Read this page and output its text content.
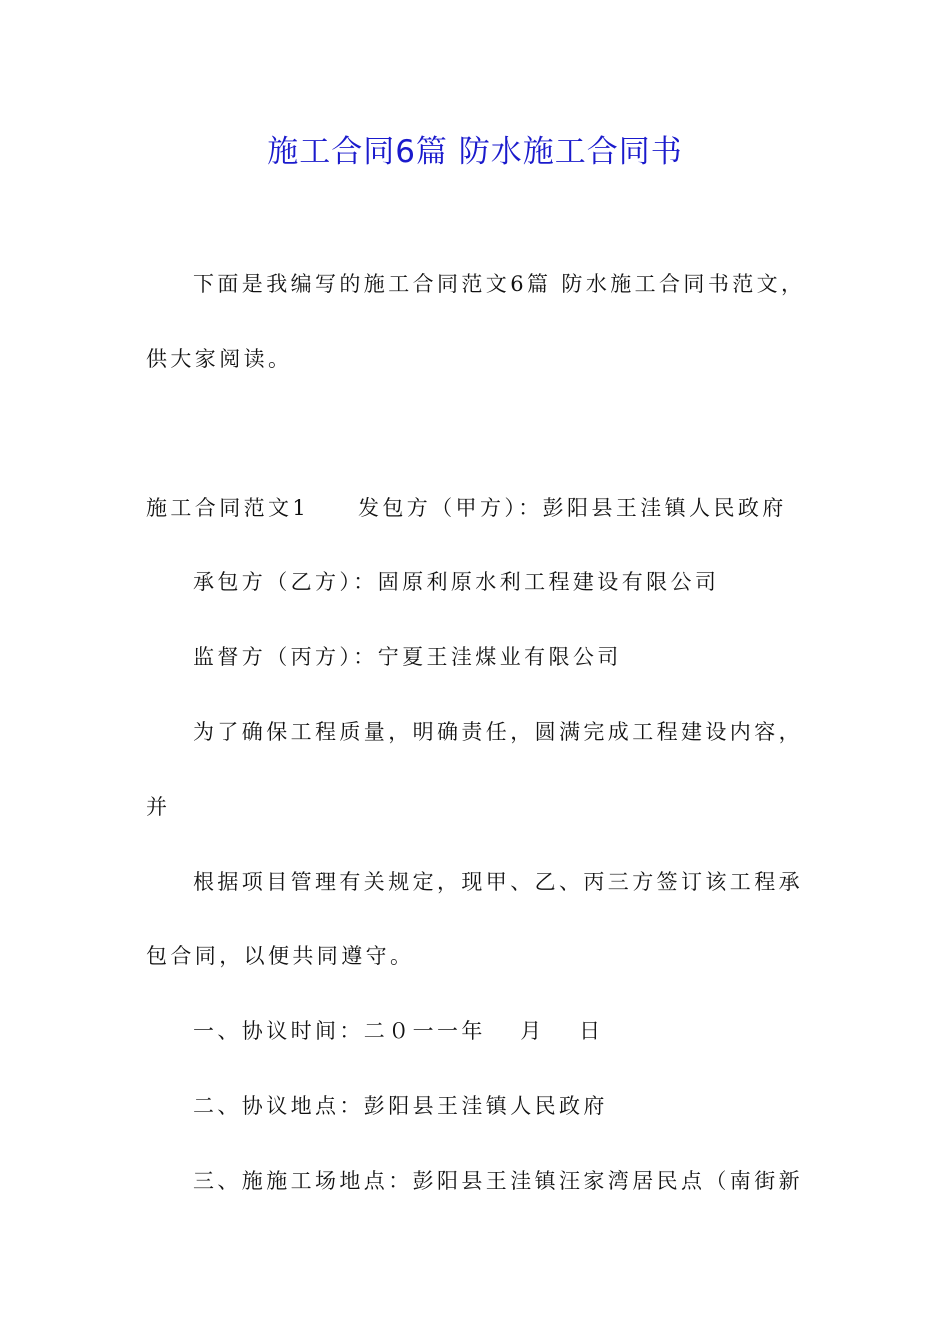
施工合同6篇 防水施工合同书
下面是我编写的施工合同范文6篇 防水施工合同书范文，
供大家阅读。
施工合同范文1　　发包方（甲方）：彭阳县王洼镇人民政府
承包方（乙方）：固原利原水利工程建设有限公司
监督方（丙方）：宁夏王洼煤业有限公司
为了确保工程质量，明确责任，圆满完成工程建设内容，
并
根据项目管理有关规定，现甲、乙、丙三方签订该工程承
包合同，以便共同遵守。
一、协议时间：二０一一年　 月　 日
二、协议地点：彭阳县王洼镇人民政府
三、施施工场地点：彭阳县王洼镇汪家湾居民点（南街新
